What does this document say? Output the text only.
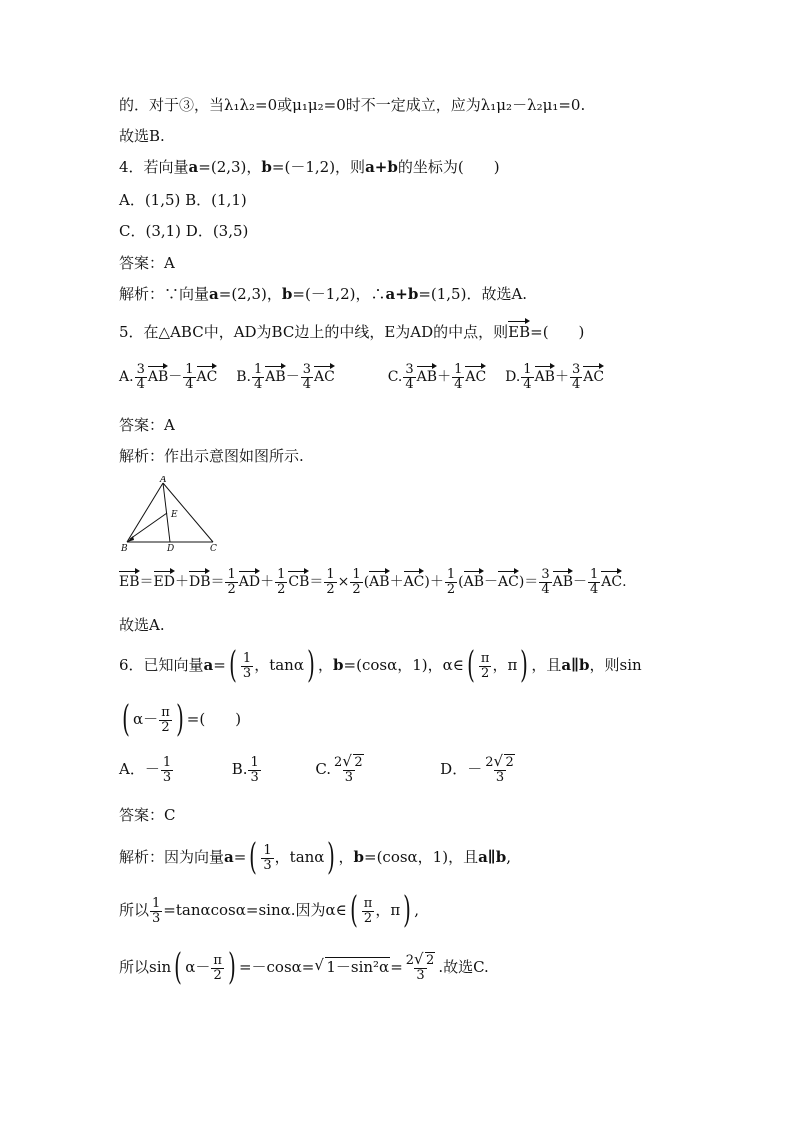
的．对于③，当λ₁λ₂=0或μ₁μ₂=0时不一定成立，应为λ₁μ₂－λ₂μ₁=0.
故选B.
4．若向量a=(2,3)，b=(－1,2)，则a+b的坐标为( )
A．(1,5) B．(1,1)
C．(3,1) D．(3,5)
答案：A
解析：∵向量a=(2,3)，b=(－1,2)，∴a+b=(1,5)．故选A.
5．在△ABC中，AD为BC边上的中线，E为AD的中点，则EB=( )
A. $\frac{3}{4} AB- \frac{1}{4}$ AC B. $\frac{1}{4} AB- \frac{3}{4}$ AC	C. $\frac{3}{4} AB+ \frac{1}{4}$ AC D. $\frac{1}{4} AB+ \frac{3}{4}$ AC
答案：A
解析：作出示意图如图所示.
A
E
B	D	C
$EB=ED+DB= \frac{1}{2} AD+ \frac{1}{2} CB= \frac{1}{2} \times \frac{1}{2} (AB+AC)+ \frac{1}{2} (AB-AC)= \frac{3}{4} AB- \frac{1}{4}$ AC.
故选A.
6．已知向量$a=( \frac{1}{3}$ ，tanα) ，b=(cosα，1)，α∈( $\frac{\pi}{2}$ ，π) ，且a∥b，则sin
( $\alpha- \frac{\pi}{2}$ ) =( )
A．－ $\frac{1}{3}$	B. $\frac{1}{3}$	C. $\frac{2 √ 2}{3}$	D．－ $\frac{2 √ 2}{3}$
答案：C
解析：因为向量$a=( \frac{1}{3}$ ，tanα) ，b=(cosα，1)，且a∥b,
所以 $\frac{1}{3} =\tan\alpha\cos\alpha=\sin\alpha$.因为α∈( $\frac{\pi}{2}$ ，π) ,
所以sin( $\alpha- \frac{\pi}{2}$ ) =－cosα= √ $1-\sin^2\alpha= \frac{2 √ 2}{3}$ .故选C.
